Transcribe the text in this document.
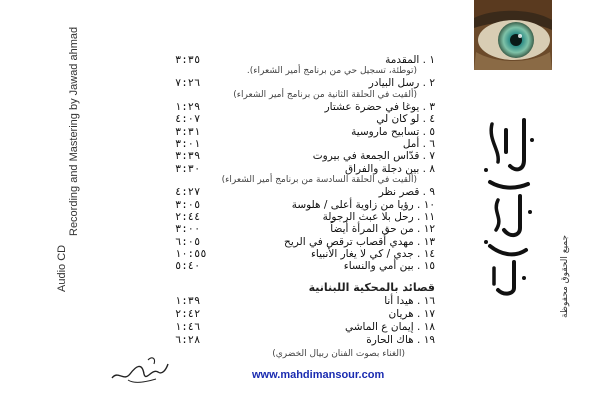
Audio CD
Recording and Mastering by Jawad ahmad	٣:٣٥	١ . المقدمة
(توطئة، تسجيل حي من برنامج أمير الشعراء).
٧:٢٦	٢ . رسل البيادر
(ألقيت في الحلقة الثانية من برنامج أمير الشعراء)
١:٢٩	٣ . يوغا في حضرة عشتار
٤:٠٧	٤ . لو كان لي
٣:٣١	٥ . تسابيح ماروسية
٣:٠١	٦ . أمل
٣:٣٩	٧ . قدّاس الجمعة في بيروت
٣:٣٠	٨ . بين دجلة والفراق
(ألقيت في الحلقة السادسة من برنامج أمير الشعراء)
٤:٢٧	٩ . قصر نظر
٣:٠٥	١٠ . رؤيا من زاوية أعلى / هلوسة
٢:٤٤	١١ . رحل بلا عبث الرجولة
٣:٠٠	١٢ . من حق المرأة أيضاً
٦:٠٥	١٣ . مهدي أقصاب ترقص في الريح
١٠:٥٥	١٤ . جدي / كي لا يغار الأنبياء
٥:٤٠	١٥ . بين أمي والنساء
قصائد بالمحكية اللبنانية
١:٣٩	١٦ . هيدا أنا
٢:٤٢	١٧ . هريان
١:٤٦	١٨ . إيمان ع الماشي
٦:٢٨	١٩ . هاك الحارة
(الغناء بصوت الفنان ربيال الخضري)
www.mahdimansour.com
جميع الحقوق محفوظة
